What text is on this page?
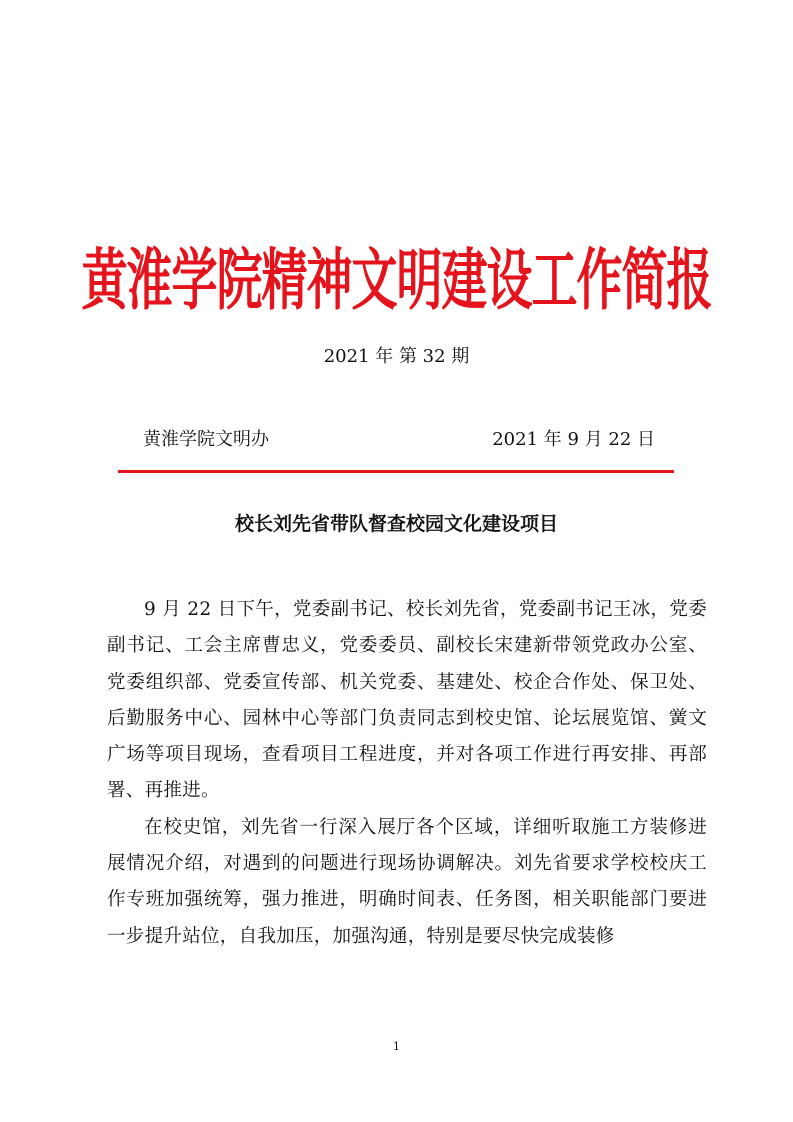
黄淮学院精神文明建设工作简报
2021 年 第 32 期
黄淮学院文明办	2021 年 9 月 22 日
校长刘先省带队督查校园文化建设项目

9 月 22 日下午，党委副书记、校长刘先省，党委副书记王冰，党委副书记、工会主席曹忠义，党委委员、副校长宋建新带领党政办公室、党委组织部、党委宣传部、机关党委、基建处、校企合作处、保卫处、后勤服务中心、园林中心等部门负责同志到校史馆、论坛展览馆、黉文广场等项目现场，查看项目工程进度，并对各项工作进行再安排、再部署、再推进。

在校史馆，刘先省一行深入展厅各个区域，详细听取施工方装修进展情况介绍，对遇到的问题进行现场协调解决。刘先省要求学校校庆工作专班加强统筹，强力推进，明确时间表、任务图，相关职能部门要进一步提升站位，自我加压，加强沟通，特别是要尽快完成装修

1
